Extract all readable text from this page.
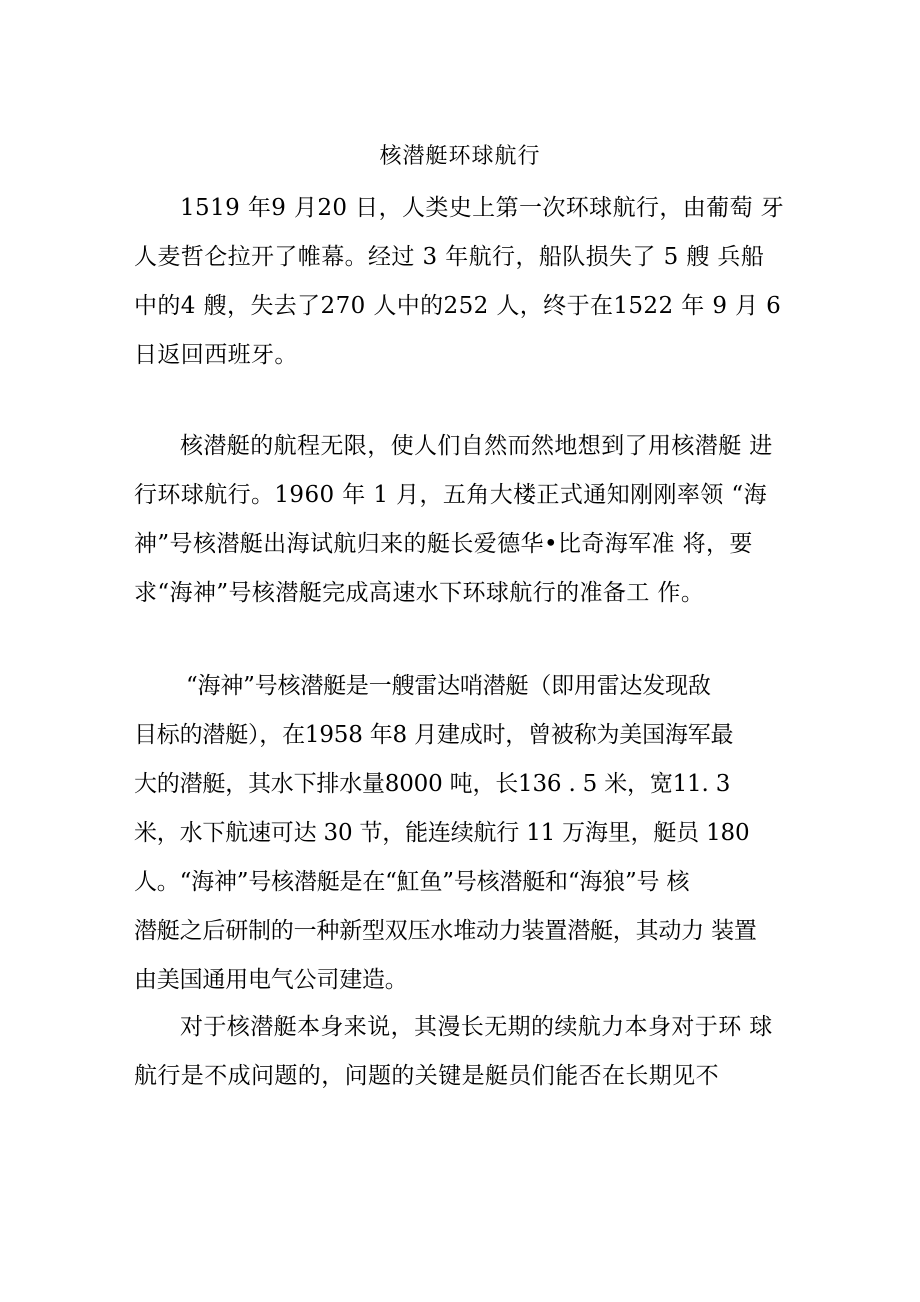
核潜艇环球航行
1519 年9 月20 日，人类史上第一次环球航行，由葡萄 牙
人麦哲仑拉开了帷幕。经过 3 年航行，船队损失了 5 艘 兵船
中的4 艘，失去了270 人中的252 人，终于在1522 年 9 月 6
日返回西班牙。
核潜艇的航程无限，使人们自然而然地想到了用核潜艇 进
行环球航行。1960 年 1 月，五角大楼正式通知刚刚率领 “海
神”号核潜艇出海试航归来的艇长爱德华•比奇海军准 将，要
求“海神”号核潜艇完成高速水下环球航行的准备工 作。
“海神”号核潜艇是一艘雷达哨潜艇（即用雷达发现敌
目标的潜艇），在1958 年8 月建成时，曾被称为美国海军最
大的潜艇，其水下排水量8000 吨，长136 . 5 米，宽11. 3
米，水下航速可达 30 节，能连续航行 11 万海里，艇员 180
人。“海神”号核潜艇是在“魟鱼”号核潜艇和“海狼”号 核
潜艇之后研制的一种新型双压水堆动力装置潜艇，其动力 装置
由美国通用电气公司建造。
对于核潜艇本身来说，其漫长无期的续航力本身对于环 球
航行是不成问题的，问题的关键是艇员们能否在长期见不
